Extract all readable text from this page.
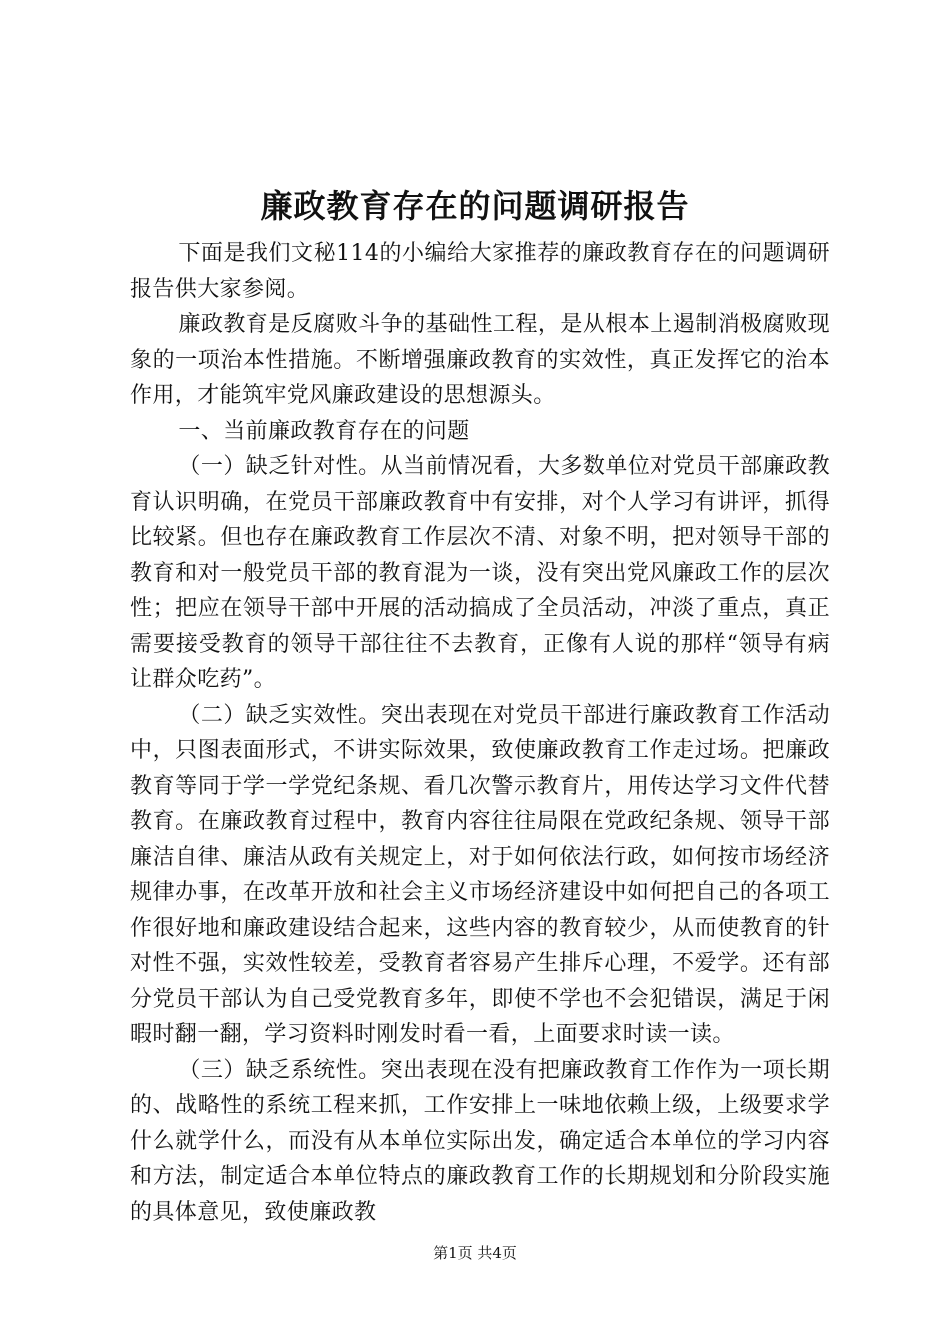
廉政教育存在的问题调研报告

下面是我们文秘114的小编给大家推荐的廉政教育存在的问题调研报告供大家参阅。

廉政教育是反腐败斗争的基础性工程，是从根本上遏制消极腐败现象的一项治本性措施。不断增强廉政教育的实效性，真正发挥它的治本作用，才能筑牢党风廉政建设的思想源头。

一、当前廉政教育存在的问题

（一）缺乏针对性。从当前情况看，大多数单位对党员干部廉政教育认识明确，在党员干部廉政教育中有安排，对个人学习有讲评，抓得比较紧。但也存在廉政教育工作层次不清、对象不明，把对领导干部的教育和对一般党员干部的教育混为一谈，没有突出党风廉政工作的层次性；把应在领导干部中开展的活动搞成了全员活动，冲淡了重点，真正需要接受教育的领导干部往往不去教育，正像有人说的那样“领导有病让群众吃药”。

（二）缺乏实效性。突出表现在对党员干部进行廉政教育工作活动中，只图表面形式，不讲实际效果，致使廉政教育工作走过场。把廉政教育等同于学一学党纪条规、看几次警示教育片，用传达学习文件代替教育。在廉政教育过程中，教育内容往往局限在党政纪条规、领导干部廉洁自律、廉洁从政有关规定上，对于如何依法行政，如何按市场经济规律办事，在改革开放和社会主义市场经济建设中如何把自己的各项工作很好地和廉政建设结合起来，这些内容的教育较少，从而使教育的针对性不强，实效性较差，受教育者容易产生排斥心理，不爱学。还有部分党员干部认为自己受党教育多年，即使不学也不会犯错误，满足于闲暇时翻一翻，学习资料时刚发时看一看，上面要求时读一读。

（三）缺乏系统性。突出表现在没有把廉政教育工作作为一项长期的、战略性的系统工程来抓，工作安排上一味地依赖上级，上级要求学什么就学什么，而没有从本单位实际出发，确定适合本单位的学习内容和方法，制定适合本单位特点的廉政教育工作的长期规划和分阶段实施的具体意见，致使廉政教

第1页 共4页
